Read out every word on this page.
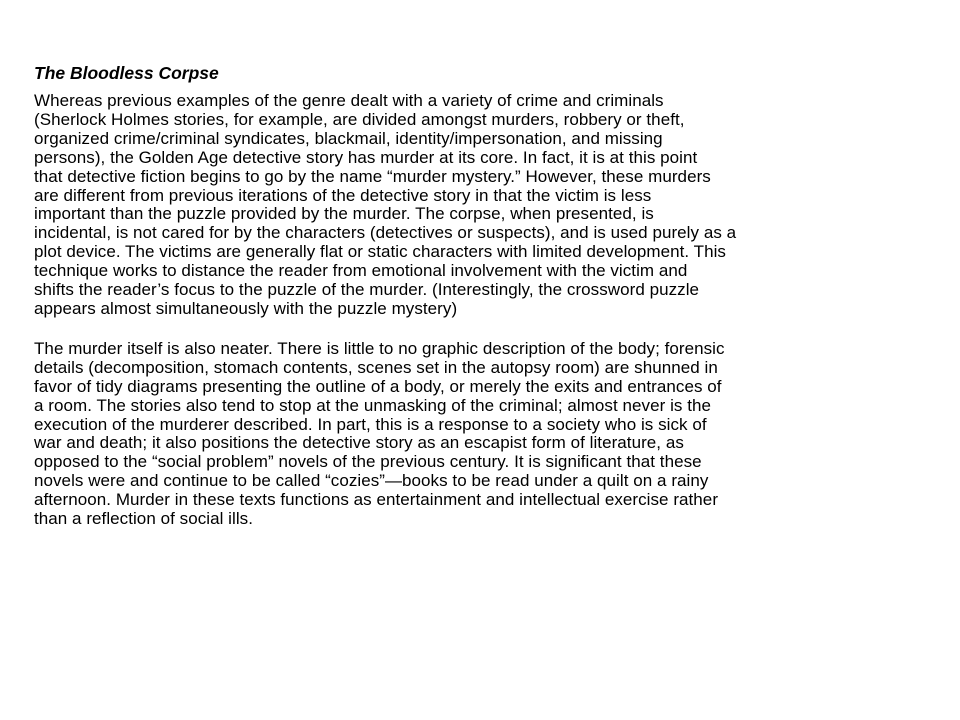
The Bloodless Corpse

Whereas previous examples of the genre dealt with a variety of crime and criminals
(Sherlock Holmes stories, for example, are divided amongst murders, robbery or theft,
organized crime/criminal syndicates, blackmail, identity/impersonation, and missing
persons), the Golden Age detective story has murder at its core. In fact, it is at this point
that detective fiction begins to go by the name “murder mystery.” However, these murders
are different from previous iterations of the detective story in that the victim is less
important than the puzzle provided by the murder. The corpse, when presented, is
incidental, is not cared for by the characters (detectives or suspects), and is used purely as a
plot device. The victims are generally flat or static characters with limited development. This
technique works to distance the reader from emotional involvement with the victim and
shifts the reader’s focus to the puzzle of the murder. (Interestingly, the crossword puzzle
appears almost simultaneously with the puzzle mystery)

The murder itself is also neater. There is little to no graphic description of the body; forensic
details (decomposition, stomach contents, scenes set in the autopsy room) are shunned in
favor of tidy diagrams presenting the outline of a body, or merely the exits and entrances of
a room. The stories also tend to stop at the unmasking of the criminal; almost never is the
execution of the murderer described. In part, this is a response to a society who is sick of
war and death; it also positions the detective story as an escapist form of literature, as
opposed to the “social problem” novels of the previous century. It is significant that these
novels were and continue to be called “cozies”—books to be read under a quilt on a rainy
afternoon. Murder in these texts functions as entertainment and intellectual exercise rather
than a reflection of social ills.
